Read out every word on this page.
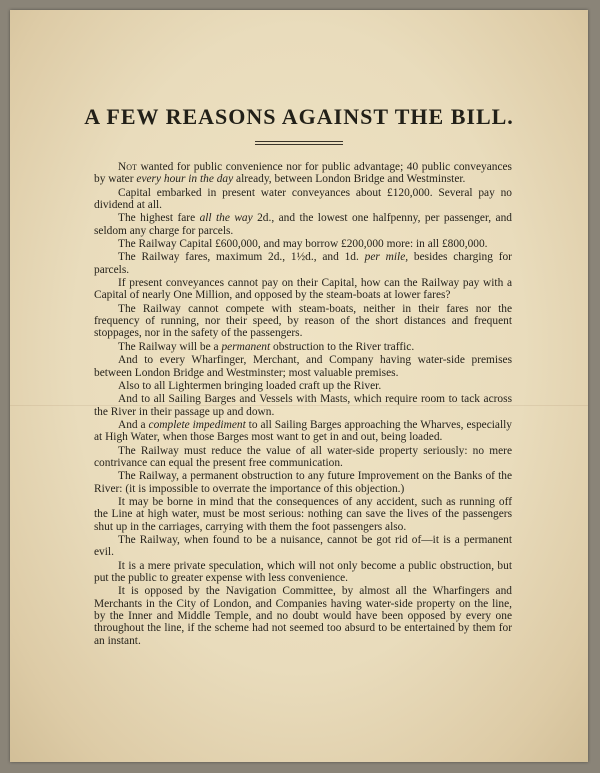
A FEW REASONS AGAINST THE BILL.

Not wanted for public convenience nor for public advantage; 40 public conveyances by water every hour in the day already, between London Bridge and Westminster.

Capital embarked in present water conveyances about £120,000. Several pay no dividend at all.

The highest fare all the way 2d., and the lowest one halfpenny, per passenger, and seldom any charge for parcels.

The Railway Capital £600,000, and may borrow £200,000 more: in all £800,000.

The Railway fares, maximum 2d., 1½d., and 1d. per mile, besides charging for parcels.

If present conveyances cannot pay on their Capital, how can the Railway pay with a Capital of nearly One Million, and opposed by the steam-boats at lower fares?

The Railway cannot compete with steam-boats, neither in their fares nor the frequency of running, nor their speed, by reason of the short distances and frequent stoppages, nor in the safety of the passengers.

The Railway will be a permanent obstruction to the River traffic.

And to every Wharfinger, Merchant, and Company having water-side premises between London Bridge and Westminster; most valuable premises.

Also to all Lightermen bringing loaded craft up the River.

And to all Sailing Barges and Vessels with Masts, which require room to tack across the River in their passage up and down.

And a complete impediment to all Sailing Barges approaching the Wharves, especially at High Water, when those Barges most want to get in and out, being loaded.

The Railway must reduce the value of all water-side property seriously: no mere contrivance can equal the present free communication.

The Railway, a permanent obstruction to any future Improvement on the Banks of the River: (it is impossible to overrate the importance of this objection.)

It may be borne in mind that the consequences of any accident, such as running off the Line at high water, must be most serious: nothing can save the lives of the passengers shut up in the carriages, carrying with them the foot passengers also.

The Railway, when found to be a nuisance, cannot be got rid of—it is a permanent evil.

It is a mere private speculation, which will not only become a public obstruction, but put the public to greater expense with less convenience.

It is opposed by the Navigation Committee, by almost all the Wharfingers and Merchants in the City of London, and Companies having water-side property on the line, by the Inner and Middle Temple, and no doubt would have been opposed by every one throughout the line, if the scheme had not seemed too absurd to be entertained by them for an instant.
